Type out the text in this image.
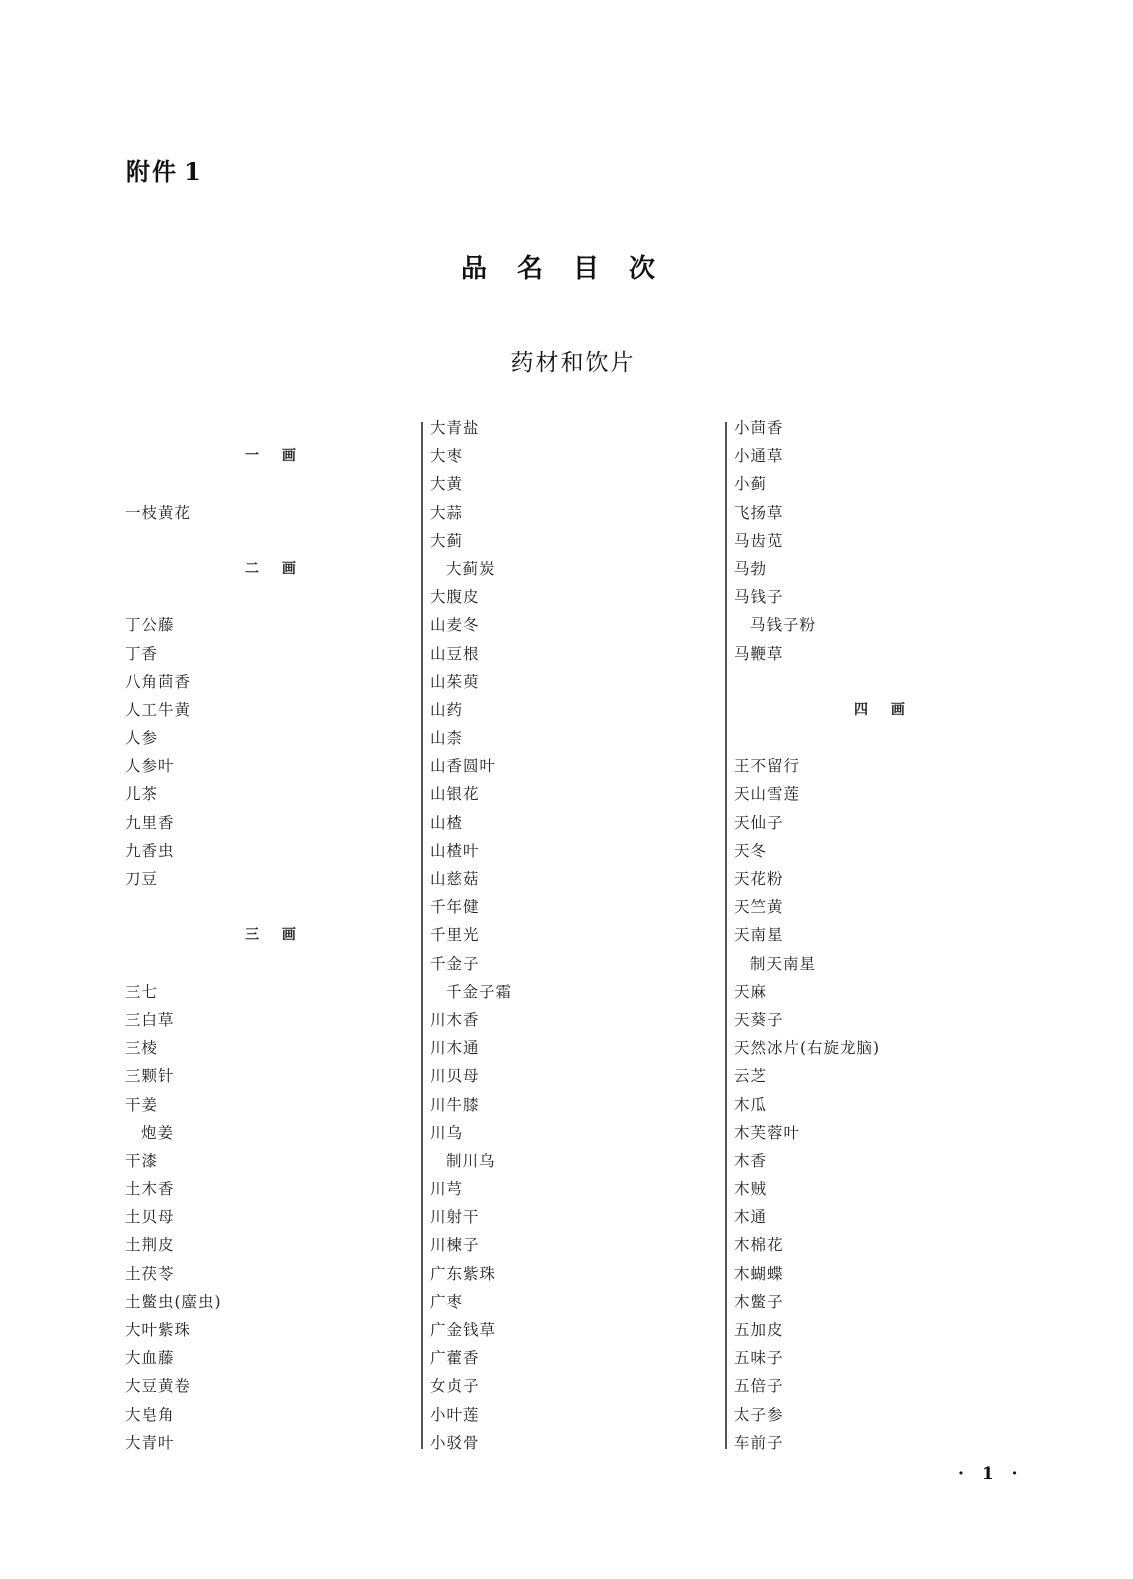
附件 1
品名目次
药材和饮片
一 画
一枝黄花
二 画
丁公藤
丁香
八角茴香
人工牛黄
人参
人参叶
儿茶
九里香
九香虫
刀豆
三 画
三七
三白草
三棱
三颗针
干姜
炮姜
干漆
土木香
土贝母
土荆皮
土茯苓
土鳖虫(䗪虫)
大叶紫珠
大血藤
大豆黄卷
大皂角
大青叶
大青盐
大枣
大黄
大蒜
大蓟
大蓟炭
大腹皮
山麦冬
山豆根
山茱萸
山药
山柰
山香圆叶
山银花
山楂
山楂叶
山慈菇
千年健
千里光
千金子
千金子霜
川木香
川木通
川贝母
川牛膝
川乌
制川乌
川芎
川射干
川楝子
广东紫珠
广枣
广金钱草
广藿香
女贞子
小叶莲
小驳骨
小茴香
小通草
小蓟
飞扬草
马齿苋
马勃
马钱子
马钱子粉
马鞭草
四 画
王不留行
天山雪莲
天仙子
天冬
天花粉
天竺黄
天南星
制天南星
天麻
天葵子
天然冰片(右旋龙脑)
云芝
木瓜
木芙蓉叶
木香
木贼
木通
木棉花
木蝴蝶
木鳖子
五加皮
五味子
五倍子
太子参
车前子
· 1 ·
